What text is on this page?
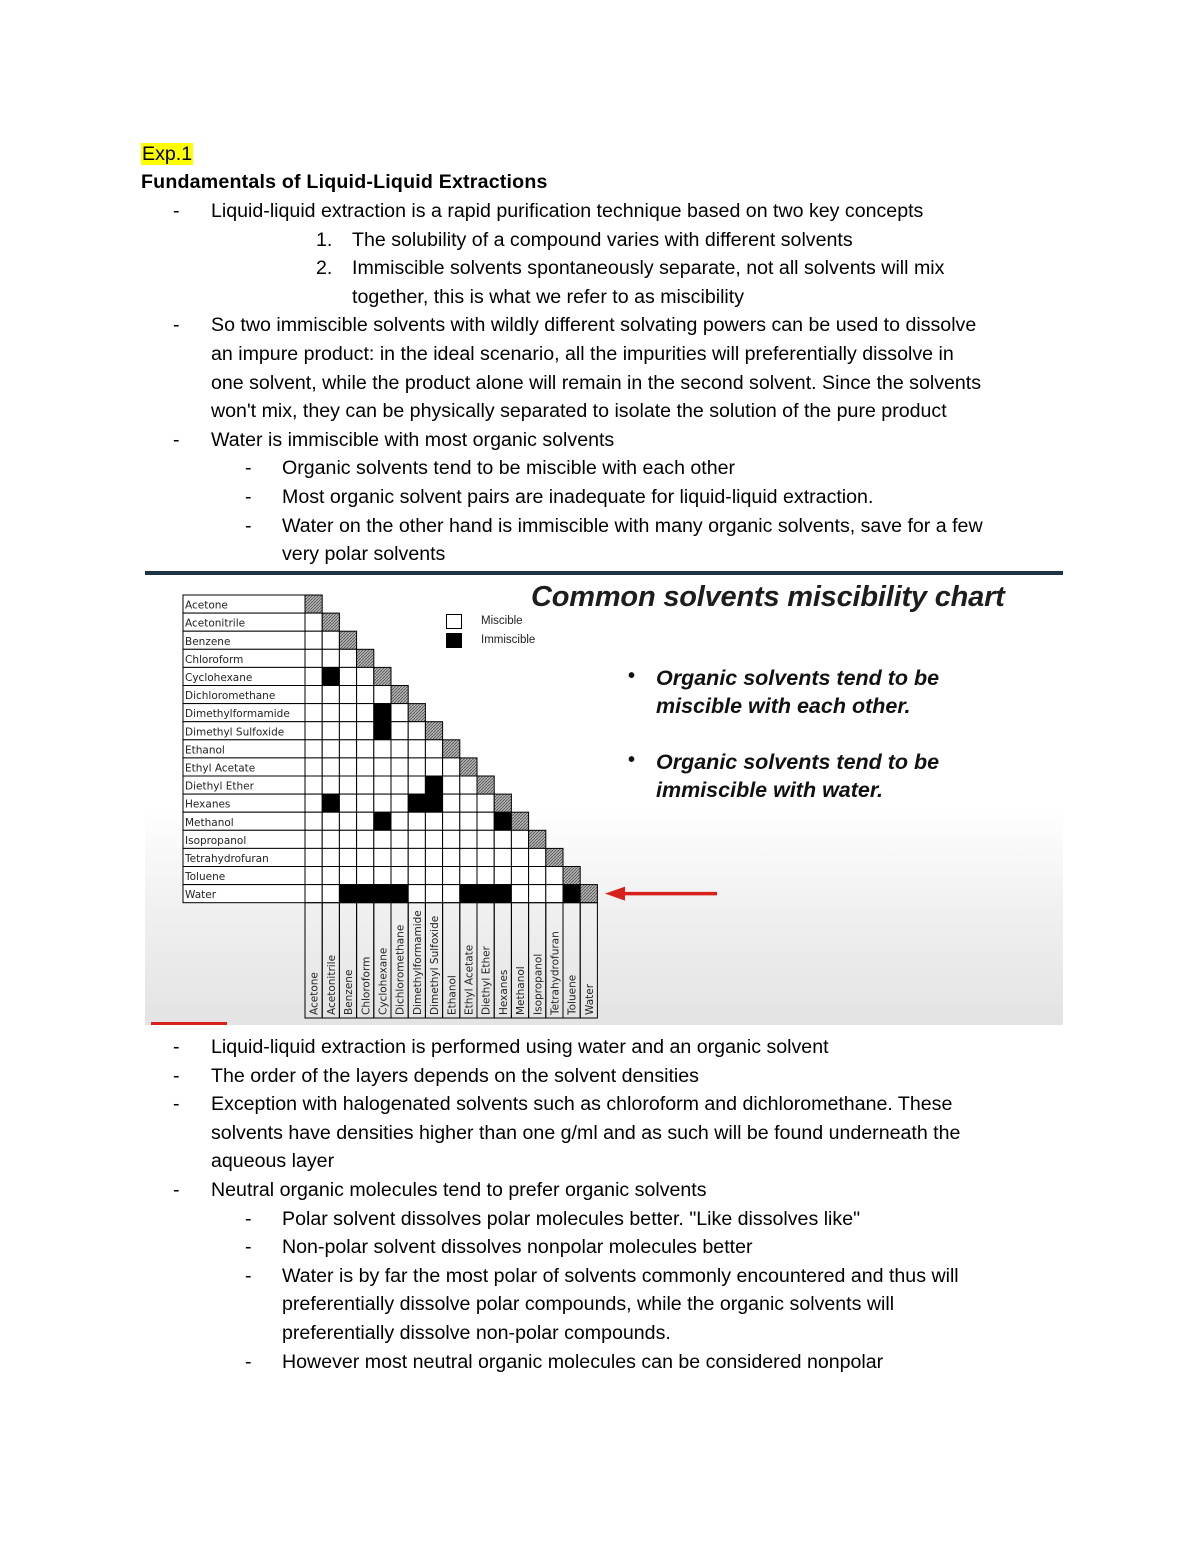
Exp.1
Fundamentals of Liquid-Liquid Extractions
- Liquid-liquid extraction is a rapid purification technique based on two key concepts
1. The solubility of a compound varies with different solvents
2. Immiscible solvents spontaneously separate, not all solvents will mix
together, this is what we refer to as miscibility
- So two immiscible solvents with wildly different solvating powers can be used to dissolve
an impure product: in the ideal scenario, all the impurities will preferentially dissolve in
one solvent, while the product alone will remain in the second solvent. Since the solvents
won't mix, they can be physically separated to isolate the solution of the pure product
- Water is immiscible with most organic solvents
- Organic solvents tend to be miscible with each other
- Most organic solvent pairs are inadequate for liquid-liquid extraction.
- Water on the other hand is immiscible with many organic solvents, save for a few
very polar solvents
Common solvents miscibility chart
Miscible
Immiscible
• Organic solvents tend to be miscible with each other.
• Organic solvents tend to be immiscible with water.
Acetone
Acetonitrile
Benzene
Chloroform
Cyclohexane
Dichloromethane
Dimethylformamide
Dimethyl Sulfoxide
Ethanol
Ethyl Acetate
Diethyl Ether
Hexanes
Methanol
Isopropanol
Tetrahydrofuran
Toluene
Water
Acetone Acetonitrile Benzene Chloroform Cyclohexane Dichloromethane Dimethylformamide Dimethyl Sulfoxide Ethanol Ethyl Acetate Diethyl Ether Hexanes Methanol Isopropanol Tetrahydrofuran Toluene Water
- Liquid-liquid extraction is performed using water and an organic solvent
- The order of the layers depends on the solvent densities
- Exception with halogenated solvents such as chloroform and dichloromethane. These
solvents have densities higher than one g/ml and as such will be found underneath the
aqueous layer
- Neutral organic molecules tend to prefer organic solvents
- Polar solvent dissolves polar molecules better. "Like dissolves like"
- Non-polar solvent dissolves nonpolar molecules better
- Water is by far the most polar of solvents commonly encountered and thus will
preferentially dissolve polar compounds, while the organic solvents will
preferentially dissolve non-polar compounds.
- However most neutral organic molecules can be considered nonpolar
